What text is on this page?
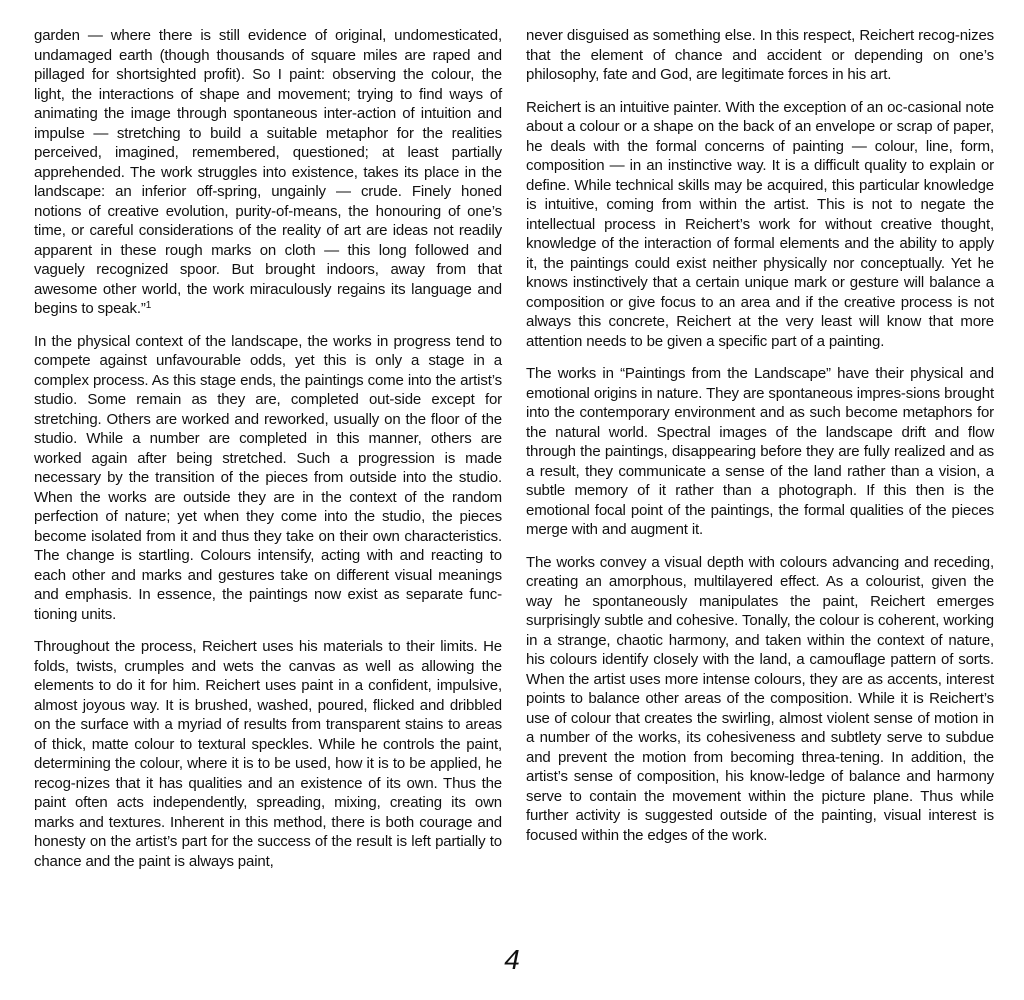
garden — where there is still evidence of original, undomesticated, undamaged earth (though thousands of square miles are raped and pillaged for shortsighted profit). So I paint: observing the colour, the light, the interactions of shape and movement; trying to find ways of animating the image through spontaneous inter-action of intuition and impulse — stretching to build a suitable metaphor for the realities perceived, imagined, remembered, questioned; at least partially apprehended. The work struggles into existence, takes its place in the landscape: an inferior off-spring, ungainly — crude. Finely honed notions of creative evolution, purity-of-means, the honouring of one’s time, or careful considerations of the reality of art are ideas not readily apparent in these rough marks on cloth — this long followed and vaguely recognized spoor. But brought indoors, away from that awesome other world, the work miraculously regains its language and begins to speak.”$^1$

In the physical context of the landscape, the works in progress tend to compete against unfavourable odds, yet this is only a stage in a complex process. As this stage ends, the paintings come into the artist’s studio. Some remain as they are, completed out-side except for stretching. Others are worked and reworked, usually on the floor of the studio. While a number are completed in this manner, others are worked again after being stretched. Such a progression is made necessary by the transition of the pieces from outside into the studio. When the works are outside they are in the context of the random perfection of nature; yet when they come into the studio, the pieces become isolated from it and thus they take on their own characteristics. The change is startling. Colours intensify, acting with and reacting to each other and marks and gestures take on different visual meanings and emphasis. In essence, the paintings now exist as separate func-tioning units.

Throughout the process, Reichert uses his materials to their limits. He folds, twists, crumples and wets the canvas as well as allowing the elements to do it for him. Reichert uses paint in a confident, impulsive, almost joyous way. It is brushed, washed, poured, flicked and dribbled on the surface with a myriad of results from transparent stains to areas of thick, matte colour to textural speckles. While he controls the paint, determining the colour, where it is to be used, how it is to be applied, he recog-nizes that it has qualities and an existence of its own. Thus the paint often acts independently, spreading, mixing, creating its own marks and textures. Inherent in this method, there is both courage and honesty on the artist’s part for the success of the result is left partially to chance and the paint is always paint,

never disguised as something else. In this respect, Reichert recog-nizes that the element of chance and accident or depending on one’s philosophy, fate and God, are legitimate forces in his art.

Reichert is an intuitive painter. With the exception of an oc-casional note about a colour or a shape on the back of an envelope or scrap of paper, he deals with the formal concerns of painting — colour, line, form, composition — in an instinctive way. It is a difficult quality to explain or define. While technical skills may be acquired, this particular knowledge is intuitive, coming from within the artist. This is not to negate the intellectual process in Reichert’s work for without creative thought, knowledge of the interaction of formal elements and the ability to apply it, the paintings could exist neither physically nor conceptually. Yet he knows instinctively that a certain unique mark or gesture will balance a composition or give focus to an area and if the creative process is not always this concrete, Reichert at the very least will know that more attention needs to be given a specific part of a painting.

The works in “Paintings from the Landscape” have their physical and emotional origins in nature. They are spontaneous impres-sions brought into the contemporary environment and as such become metaphors for the natural world. Spectral images of the landscape drift and flow through the paintings, disappearing before they are fully realized and as a result, they communicate a sense of the land rather than a vision, a subtle memory of it rather than a photograph. If this then is the emotional focal point of the paintings, the formal qualities of the pieces merge with and augment it.

The works convey a visual depth with colours advancing and receding, creating an amorphous, multilayered effect. As a colourist, given the way he spontaneously manipulates the paint, Reichert emerges surprisingly subtle and cohesive. Tonally, the colour is coherent, working in a strange, chaotic harmony, and taken within the context of nature, his colours identify closely with the land, a camouflage pattern of sorts. When the artist uses more intense colours, they are as accents, interest points to balance other areas of the composition. While it is Reichert’s use of colour that creates the swirling, almost violent sense of motion in a number of the works, its cohesiveness and subtlety serve to subdue and prevent the motion from becoming threa-tening. In addition, the artist’s sense of composition, his know-ledge of balance and harmony serve to contain the movement within the picture plane. Thus while further activity is suggested outside of the painting, visual interest is focused within the edges of the work.

4
